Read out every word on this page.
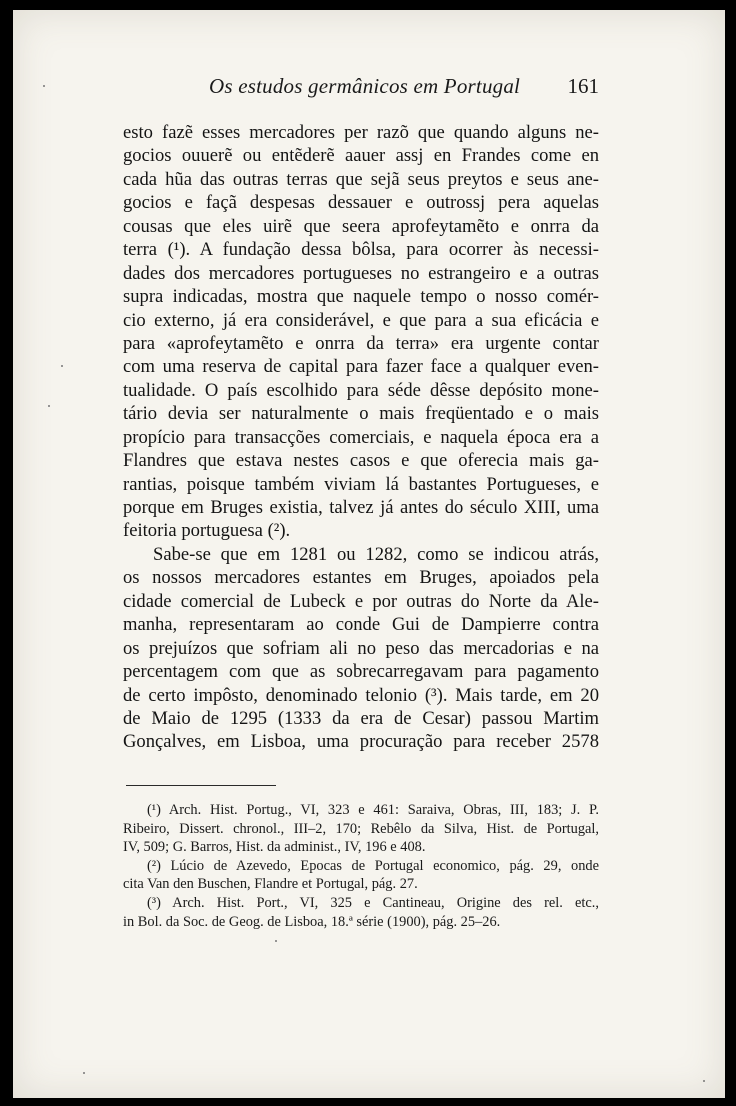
Os estudos germânicos em Portugal 161
esto fazẽ esses mercadores per razõ que quando alguns ne-
gocios ouuerẽ ou entẽderẽ aauer assj en Frandes come en
cada hũa das outras terras que sejã seus preytos e seus ane-
gocios e façã despesas dessauer e outrossj pera aquelas
cousas que eles uirẽ que seera aprofeytamẽto e onrra da
terra (¹). A fundação dessa bôlsa, para ocorrer às necessi-
dades dos mercadores portugueses no estrangeiro e a outras
supra indicadas, mostra que naquele tempo o nosso comér-
cio externo, já era considerável, e que para a sua eficácia e
para «aprofeytamẽto e onrra da terra» era urgente contar
com uma reserva de capital para fazer face a qualquer even-
tualidade. O país escolhido para séde dêsse depósito mone-
tário devia ser naturalmente o mais freqüentado e o mais
propício para transacções comerciais, e naquela época era a
Flandres que estava nestes casos e que oferecia mais ga-
rantias, poisque também viviam lá bastantes Portugueses, e
porque em Bruges existia, talvez já antes do século XIII, uma
feitoria portuguesa (²).
Sabe-se que em 1281 ou 1282, como se indicou atrás,
os nossos mercadores estantes em Bruges, apoiados pela
cidade comercial de Lubeck e por outras do Norte da Ale-
manha, representaram ao conde Gui de Dampierre contra
os prejuízos que sofriam ali no peso das mercadorias e na
percentagem com que as sobrecarregavam para pagamento
de certo impôsto, denominado telonio (³). Mais tarde, em 20
de Maio de 1295 (1333 da era de Cesar) passou Martim
Gonçalves, em Lisboa, uma procuração para receber 2578
(¹) Arch. Hist. Portug., VI, 323 e 461: Saraiva, Obras, III, 183; J. P.
Ribeiro, Dissert. chronol., III–2, 170; Rebêlo da Silva, Hist. de Portugal,
IV, 509; G. Barros, Hist. da administ., IV, 196 e 408.
(²) Lúcio de Azevedo, Epocas de Portugal economico, pág. 29, onde
cita Van den Buschen, Flandre et Portugal, pág. 27.
(³) Arch. Hist. Port., VI, 325 e Cantineau, Origine des rel. etc.,
in Bol. da Soc. de Geog. de Lisboa, 18.ª série (1900), pág. 25–26.
